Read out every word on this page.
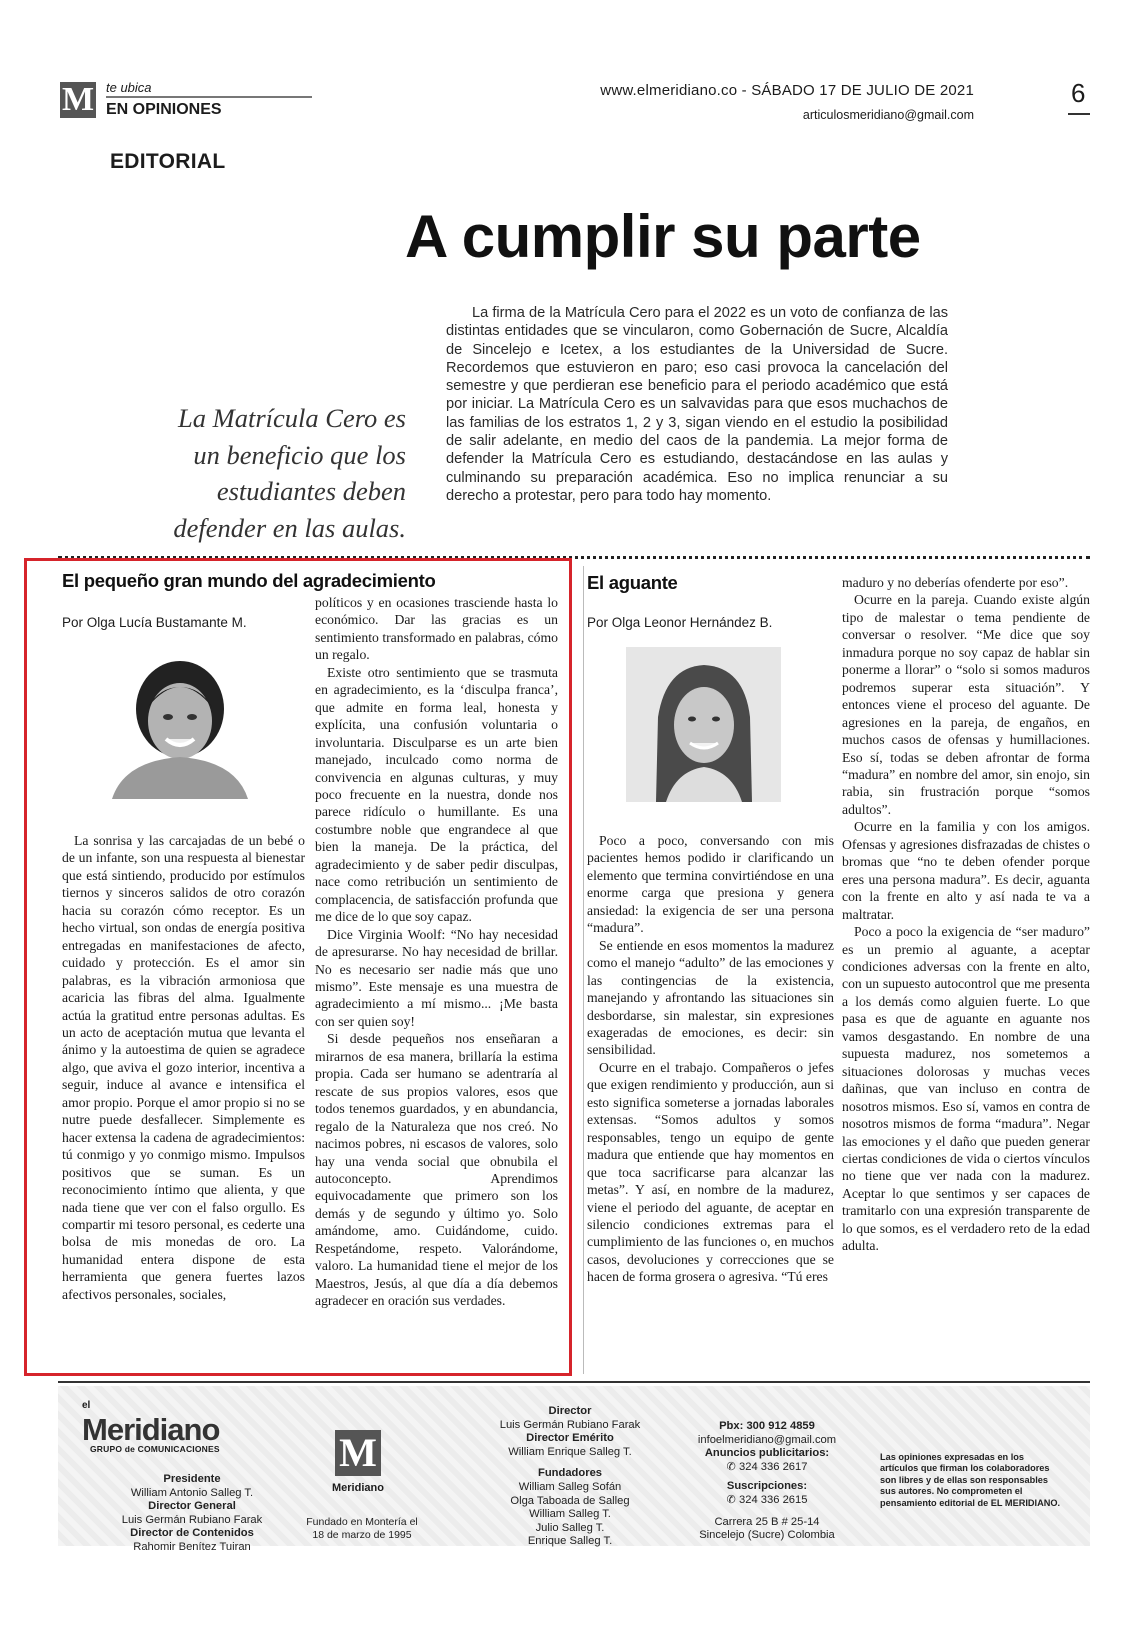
M te ubica
EN OPINIONES
EDITORIAL
www.elmeridiano.co - SÁBADO 17 DE JULIO DE 2021
articulosmeridiano@gmail.com
6
A cumplir su parte
La Matrícula Cero es un beneficio que los estudiantes deben defender en las aulas.

La firma de la Matrícula Cero para el 2022 es un voto de confianza de las distintas entidades que se vincularon, como Gobernación de Sucre, Alcaldía de Sincelejo e Icetex, a los estudiantes de la Universidad de Sucre. Recordemos que estuvieron en paro; eso casi provoca la cancelación del semestre y que perdieran ese beneficio para el periodo académico que está por iniciar. La Matrícula Cero es un salvavidas para que esos muchachos de las familias de los estratos 1, 2 y 3, sigan viendo en el estudio la posibilidad de salir adelante, en medio del caos de la pandemia. La mejor forma de defender la Matrícula Cero es estudiando, destacándose en las aulas y culminando su preparación académica. Eso no implica renunciar a su derecho a protestar, pero para todo hay momento.

El pequeño gran mundo del agradecimiento
Por Olga Lucía Bustamante M.

La sonrisa y las carcajadas de un bebé o de un infante, son una respuesta al bienestar que está sintiendo, producido por estímulos tiernos y sinceros salidos de otro corazón hacia su corazón cómo receptor. Es un hecho virtual, son ondas de energía positiva entregadas en manifestaciones de afecto, cuidado y protección. Es el amor sin palabras, es la vibración armoniosa que acaricia las fibras del alma. Igualmente actúa la gratitud entre personas adultas. Es un acto de aceptación mutua que levanta el ánimo y la autoestima de quien se agradece algo, que aviva el gozo interior, incentiva a seguir, induce al avance e intensifica el amor propio. Porque el amor propio si no se nutre puede desfallecer. Simplemente es hacer extensa la cadena de agradecimientos: tú conmigo y yo conmigo mismo. Impulsos positivos que se suman. Es un reconocimiento íntimo que alienta, y que nada tiene que ver con el falso orgullo. Es compartir mi tesoro personal, es cederte una bolsa de mis monedas de oro. La humanidad entera dispone de esta herramienta que genera fuertes lazos afectivos personales, sociales,

políticos y en ocasiones trasciende hasta lo económico. Dar las gracias es un sentimiento transformado en palabras, cómo un regalo.

Existe otro sentimiento que se trasmuta en agradecimiento, es la ‘disculpa franca’, que admite en forma leal, honesta y explícita, una confusión voluntaria o involuntaria. Disculparse es un arte bien manejado, inculcado como norma de convivencia en algunas culturas, y muy poco frecuente en la nuestra, donde nos parece ridículo o humillante. Es una costumbre noble que engrandece al que bien la maneja. De la práctica, del agradecimiento y de saber pedir disculpas, nace como retribución un sentimiento de complacencia, de satisfacción profunda que me dice de lo que soy capaz.

Dice Virginia Woolf: “No hay necesidad de apresurarse. No hay necesidad de brillar. No es necesario ser nadie más que uno mismo”. Este mensaje es una muestra de agradecimiento a mí mismo... ¡Me basta con ser quien soy!

Si desde pequeños nos enseñaran a mirarnos de esa manera, brillaría la estima propia. Cada ser humano se adentraría al rescate de sus propios valores, esos que todos tenemos guardados, y en abundancia, regalo de la Naturaleza que nos creó. No nacimos pobres, ni escasos de valores, solo hay una venda social que obnubila el autoconcepto. Aprendimos equivocadamente que primero son los demás y de segundo y último yo. Solo amándome, amo. Cuidándome, cuido. Respetándome, respeto. Valorándome, valoro. La humanidad tiene el mejor de los Maestros, Jesús, al que día a día debemos agradecer en oración sus verdades.

El aguante
Por Olga Leonor Hernández B.

Poco a poco, conversando con mis pacientes hemos podido ir clarificando un elemento que termina convirtiéndose en una enorme carga que presiona y genera ansiedad: la exigencia de ser una persona “madura”.

Se entiende en esos momentos la madurez como el manejo “adulto” de las emociones y las contingencias de la existencia, manejando y afrontando las situaciones sin desbordarse, sin malestar, sin expresiones exageradas de emociones, es decir: sin sensibilidad.

Ocurre en el trabajo. Compañeros o jefes que exigen rendimiento y producción, aun si esto significa someterse a jornadas laborales extensas. “Somos adultos y somos responsables, tengo un equipo de gente madura que entiende que hay momentos en que toca sacrificarse para alcanzar las metas”. Y así, en nombre de la madurez, viene el periodo del aguante, de aceptar en silencio condiciones extremas para el cumplimiento de las funciones o, en muchos casos, devoluciones y correcciones que se hacen de forma grosera o agresiva. “Tú eres

maduro y no deberías ofenderte por eso”.

Ocurre en la pareja. Cuando existe algún tipo de malestar o tema pendiente de conversar o resolver. “Me dice que soy inmadura porque no soy capaz de hablar sin ponerme a llorar” o “solo si somos maduros podremos superar esta situación”. Y entonces viene el proceso del aguante. De agresiones en la pareja, de engaños, en muchos casos de ofensas y humillaciones. Eso sí, todas se deben afrontar de forma “madura” en nombre del amor, sin enojo, sin rabia, sin frustración porque “somos adultos”.

Ocurre en la familia y con los amigos. Ofensas y agresiones disfrazadas de chistes o bromas que “no te deben ofender porque eres una persona madura”. Es decir, aguanta con la frente en alto y así nada te va a maltratar.

Poco a poco la exigencia de “ser maduro” es un premio al aguante, a aceptar condiciones adversas con la frente en alto, con un supuesto autocontrol que me presenta a los demás como alguien fuerte. Lo que pasa es que de aguante en aguante nos vamos desgastando. En nombre de una supuesta madurez, nos sometemos a situaciones dolorosas y muchas veces dañinas, que van incluso en contra de nosotros mismos. Eso sí, vamos en contra de nosotros mismos de forma “madura”. Negar las emociones y el daño que pueden generar ciertas condiciones de vida o ciertos vínculos no tiene que ver nada con la madurez. Aceptar lo que sentimos y ser capaces de tramitarlo con una expresión transparente de lo que somos, es el verdadero reto de la edad adulta.

el
Meridiano
GRUPO de COMUNICACIONES
Presidente
William Antonio Salleg T.
Director General
Luis Germán Rubiano Farak
Director de Contenidos
Rahomir Benítez Tuiran
M
Meridiano
Fundado en Montería el 18 de marzo de 1995
Director
Luis Germán Rubiano Farak
Director Emérito
William Enrique Salleg T.
Fundadores
William Salleg Sofán
Olga Taboada de Salleg
William Salleg T.
Julio Salleg T.
Enrique Salleg T.
Pbx: 300 912 4859
infoelmeridiano@gmail.com
Anuncios publicitarios:
✆ 324 336 2617
Suscripciones:
✆ 324 336 2615
Carrera 25 B # 25-14
Sincelejo (Sucre) Colombia
Las opiniones expresadas en los artículos que firman los colaboradores son libres y de ellas son responsables sus autores. No comprometen el pensamiento editorial de EL MERIDIANO.
